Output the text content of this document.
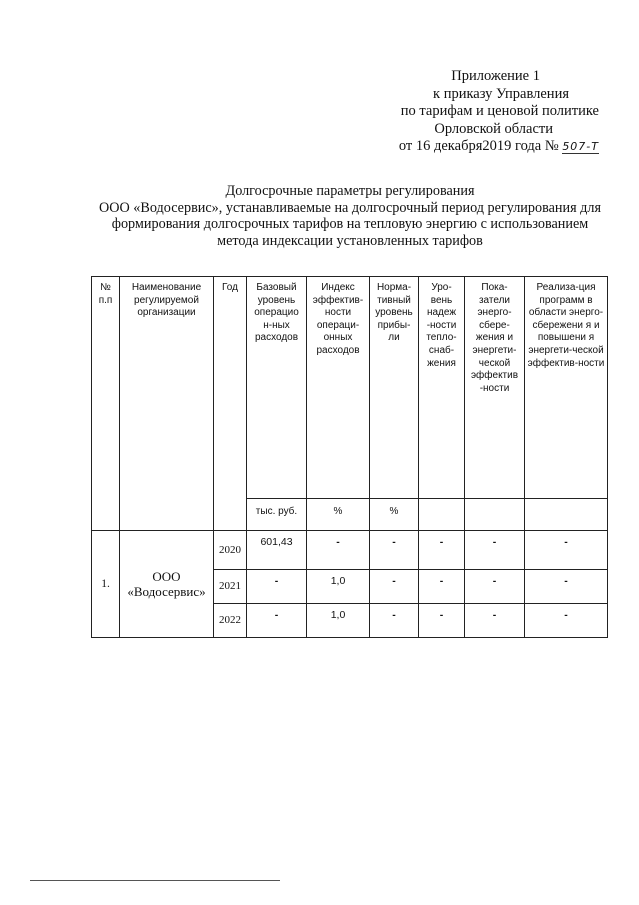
Приложение 1
к приказу Управления
по тарифам и ценовой политике
Орловской области
от 16 декабря2019 года № 507-Т
Долгосрочные параметры регулирования
ООО «Водосервис», устанавливаемые на долгосрочный период регулирования для
формирования долгосрочных тарифов на тепловую энергию с использованием
метода индексации установленных тарифов
№ п.п	Наименование регулируемой организации	Год	Базовый уровень операцио н-ных расходов	Индекс эффектив-ности операци-онных расходов	Норма-тивный уровень прибы-ли	Уро-вень надеж -ности тепло-снаб-жения	Пока-затели энерго-сбере-жения и энергети-ческой эффектив -ности	Реализа-ция программ в области энерго-сбережени я и повышени я энергети-ческой эффектив-ности
			тыс. руб.	%	%			
1.	ООО «Водосервис»	2020	601,43	-	-	-	-	-
		2021	-	1,0	-	-	-	-
		2022	-	1,0	-	-	-	-
